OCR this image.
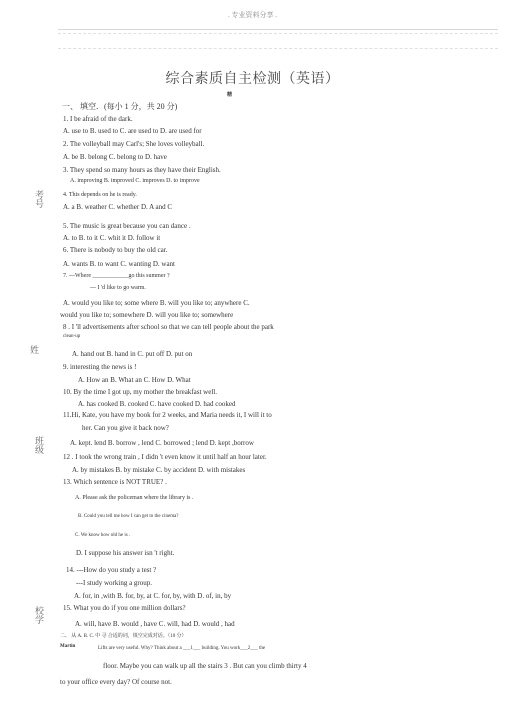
. 专业资料分享 .
综合素质自主检测（英语）
精
考号
姓
班级
校学
一、 填空．(每小 1 分，共 20 分)
1. I be afraid of the dark.
A. use to B. used to C. are used to D. are used for
2. The volleyball may Carl's; She loves volleyball.
A. be B. belong C. belong to D. have
3. They spend so many hours as they have their English.
A. improving B. improved C. improves D. to improve
4. This depends on he is ready.
A. a B. weather C. whether D. A and C
5. The music is great because you can dance .
A. to B. to it C. whit it D. follow it
6. There is nobody to buy the old car.
A. wants B. to want C. wanting D. want
7. ---Where ____________go this summer ?
--- I 'd like to go warm.
A. would you like to; some where B. will you like to; anywhere C.
would you like to; somewhere D. will you like to; somewhere
8 . I 'll advertisements after school so that we can tell people about the park
clean-up
A. hand out B. hand in C. put off D. put on
9. interesting the news is !
A. How an B. What an C. How D. What
10. By the time I got up, my mother the breakfast well.
A. has cooked B. cooked C. have cooked D. had cooked
11.Hi, Kate, you have my book for 2 weeks, and Maria needs it, I will it to
her. Can you give it back now?
A. kept. lend B. borrow , lend C. borrowed ; lend D. kept ,borrow
12 . I took the wrong train , I didn 't even know it until half an hour later.
A. by mistakes B. by mistake C. by accident D. with mistakes
13. Which sentence is NOT TRUE? .
A. Please ask the policeman where the library is .
B. Could you tell me how I can get to the cinema?
C. We know how old he is .
D. I suppose his answer isn 't right.
14. ---How do you study a test ?
---I study working a group.
A. for, in ,with B. for, by, at C. for, by, with D. of, in, by
15. What you do if you one million dollars?
A. will, have B. would , have C. will, had D. would , had
二、 从 A. B. C. 中 寻 合适的词，填空完成对话。（10 分）
Martin	Lifts are very useful. Why? Think about a ___1___ building. You work___2___ the
floor. Maybe you can walk up all the stairs 3 . But can you climb thirty 4
to your office every day? Of course not.
